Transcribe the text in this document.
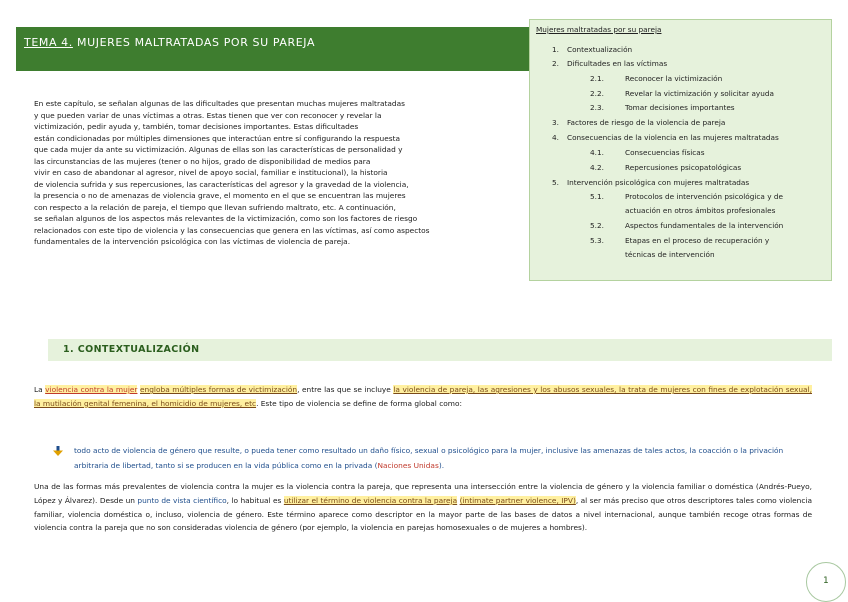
TEMA 4. MUJERES MALTRATADAS POR SU PAREJA
Mujeres maltratadas por su pareja
1. Contextualización
2. Dificultades en las víctimas
2.1.	Reconocer la victimización
2.2.	Revelar la victimización y solicitar ayuda
2.3.	Tomar decisiones importantes
3. Factores de riesgo de la violencia de pareja
4. Consecuencias de la violencia en las mujeres maltratadas
4.1.	Consecuencias físicas
4.2.	Repercusiones psicopatológicas
5. Intervención psicológica con mujeres maltratadas
5.1.	Protocolos de intervención psicológica y de
actuación en otros ámbitos profesionales
5.2.	Aspectos fundamentales de la intervención
5.3.	Etapas en el proceso de recuperación y
técnicas de intervención
En este capítulo, se señalan algunas de las dificultades que presentan muchas mujeres maltratadas
y que pueden variar de unas víctimas a otras. Estas tienen que ver con reconocer y revelar la
victimización, pedir ayuda y, también, tomar decisiones importantes. Estas dificultades
están condicionadas por múltiples dimensiones que interactúan entre sí configurando la respuesta
que cada mujer da ante su victimización. Algunas de ellas son las características de personalidad y
las circunstancias de las mujeres (tener o no hijos, grado de disponibilidad de medios para
vivir en caso de abandonar al agresor, nivel de apoyo social, familiar e institucional), la historia
de violencia sufrida y sus repercusiones, las características del agresor y la gravedad de la violencia,
la presencia o no de amenazas de violencia grave, el momento en el que se encuentran las mujeres
con respecto a la relación de pareja, el tiempo que llevan sufriendo maltrato, etc. A continuación,
se señalan algunos de los aspectos más relevantes de la victimización, como son los factores de riesgo
relacionados con este tipo de violencia y las consecuencias que genera en las víctimas, así como aspectos
fundamentales de la intervención psicológica con las víctimas de violencia de pareja.
1. CONTEXTUALIZACIÓN
La violencia contra la mujer engloba múltiples formas de victimización, entre las que se incluye la violencia de pareja, las agresiones y los abusos sexuales, la trata de mujeres con fines de explotación sexual, la mutilación genital femenina, el homicidio de mujeres, etc. Este tipo de violencia se define de forma global como:
todo acto de violencia de género que resulte, o pueda tener como resultado un daño físico, sexual o psicológico para la mujer, inclusive las amenazas de tales actos, la coacción o la privación arbitraria de libertad, tanto si se producen en la vida pública como en la privada (Naciones Unidas).
Una de las formas más prevalentes de violencia contra la mujer es la violencia contra la pareja, que representa una intersección entre la violencia de género y la violencia familiar o doméstica (Andrés-Pueyo, López y Álvarez). Desde un punto de vista científico, lo habitual es utilizar el término de violencia contra la pareja (intimate partner violence, IPV), al ser más preciso que otros descriptores tales como violencia familiar, violencia doméstica o, incluso, violencia de género. Este término aparece como descriptor en la mayor parte de las bases de datos a nivel internacional, aunque también recoge otras formas de violencia contra la pareja que no son consideradas violencia de género (por ejemplo, la violencia en parejas homosexuales o de mujeres a hombres).
1
